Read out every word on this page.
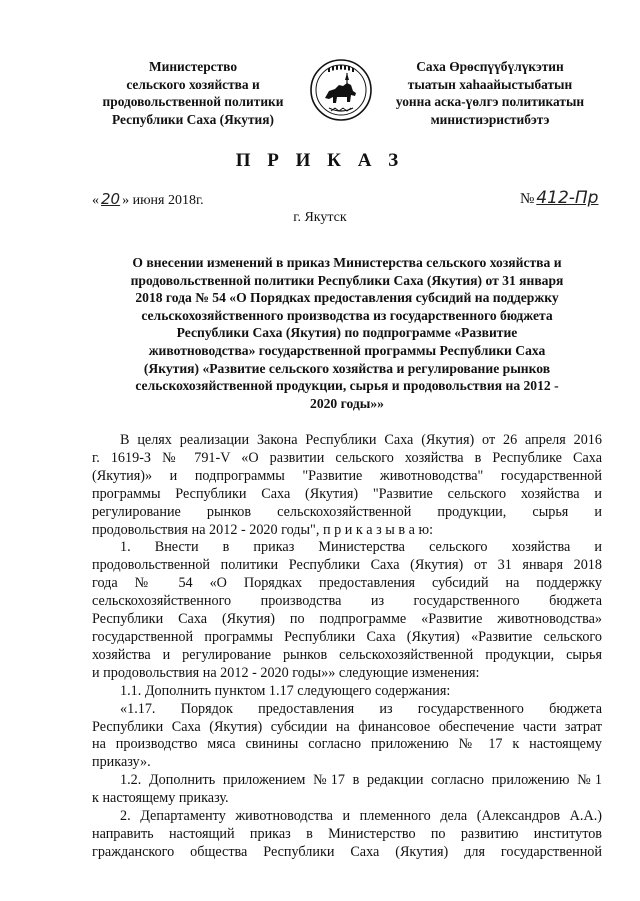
Министерство
сельского хозяйства и
продовольственной политики
Республики Саха (Якутия)
Саха Өрөспүүбүлүкэтин
тыатын хаһаайыстыбатын
уонна аска-үөлгэ политикатын
министиэристибэтэ
П Р И К А З
« 20 » июня 2018г.	№ 412-Пр
г. Якутск
О внесении изменений в приказ Министерства сельского хозяйства и
продовольственной политики Республики Саха (Якутия) от 31 января
2018 года № 54 «О Порядках предоставления субсидий на поддержку
сельскохозяйственного производства из государственного бюджета
Республики Саха (Якутия) по подпрограмме «Развитие
животноводства» государственной программы Республики Саха
(Якутия) «Развитие сельского хозяйства и регулирование рынков
сельскохозяйственной продукции, сырья и продовольствия на 2012 -
2020 годы»»
В целях реализации Закона Республики Саха (Якутия) от 26 апреля 2016
г. 1619-З № 791-V «О развитии сельского хозяйства в Республике Саха
(Якутия)» и подпрограммы "Развитие животноводства" государственной
программы Республики Саха (Якутия) "Развитие сельского хозяйства и
регулирование рынков сельскохозяйственной продукции, сырья и
продовольствия на 2012 - 2020 годы", п р и к а з ы в а ю:
1. Внести в приказ Министерства сельского хозяйства и
продовольственной политики Республики Саха (Якутия) от 31 января 2018
года № 54 «О Порядках предоставления субсидий на поддержку
сельскохозяйственного производства из государственного бюджета
Республики Саха (Якутия) по подпрограмме «Развитие животноводства»
государственной программы Республики Саха (Якутия) «Развитие сельского
хозяйства и регулирование рынков сельскохозяйственной продукции, сырья
и продовольствия на 2012 - 2020 годы»» следующие изменения:
1.1. Дополнить пунктом 1.17 следующего содержания:
«1.17. Порядок предоставления из государственного бюджета
Республики Саха (Якутия) субсидии на финансовое обеспечение части затрат
на производство мяса свинины согласно приложению № 17 к настоящему
приказу».
1.2. Дополнить приложением №17 в редакции согласно приложению №1
к настоящему приказу.
2. Департаменту животноводства и племенного дела (Александров А.А.)
направить настоящий приказ в Министерство по развитию институтов
гражданского общества Республики Саха (Якутия) для государственной
